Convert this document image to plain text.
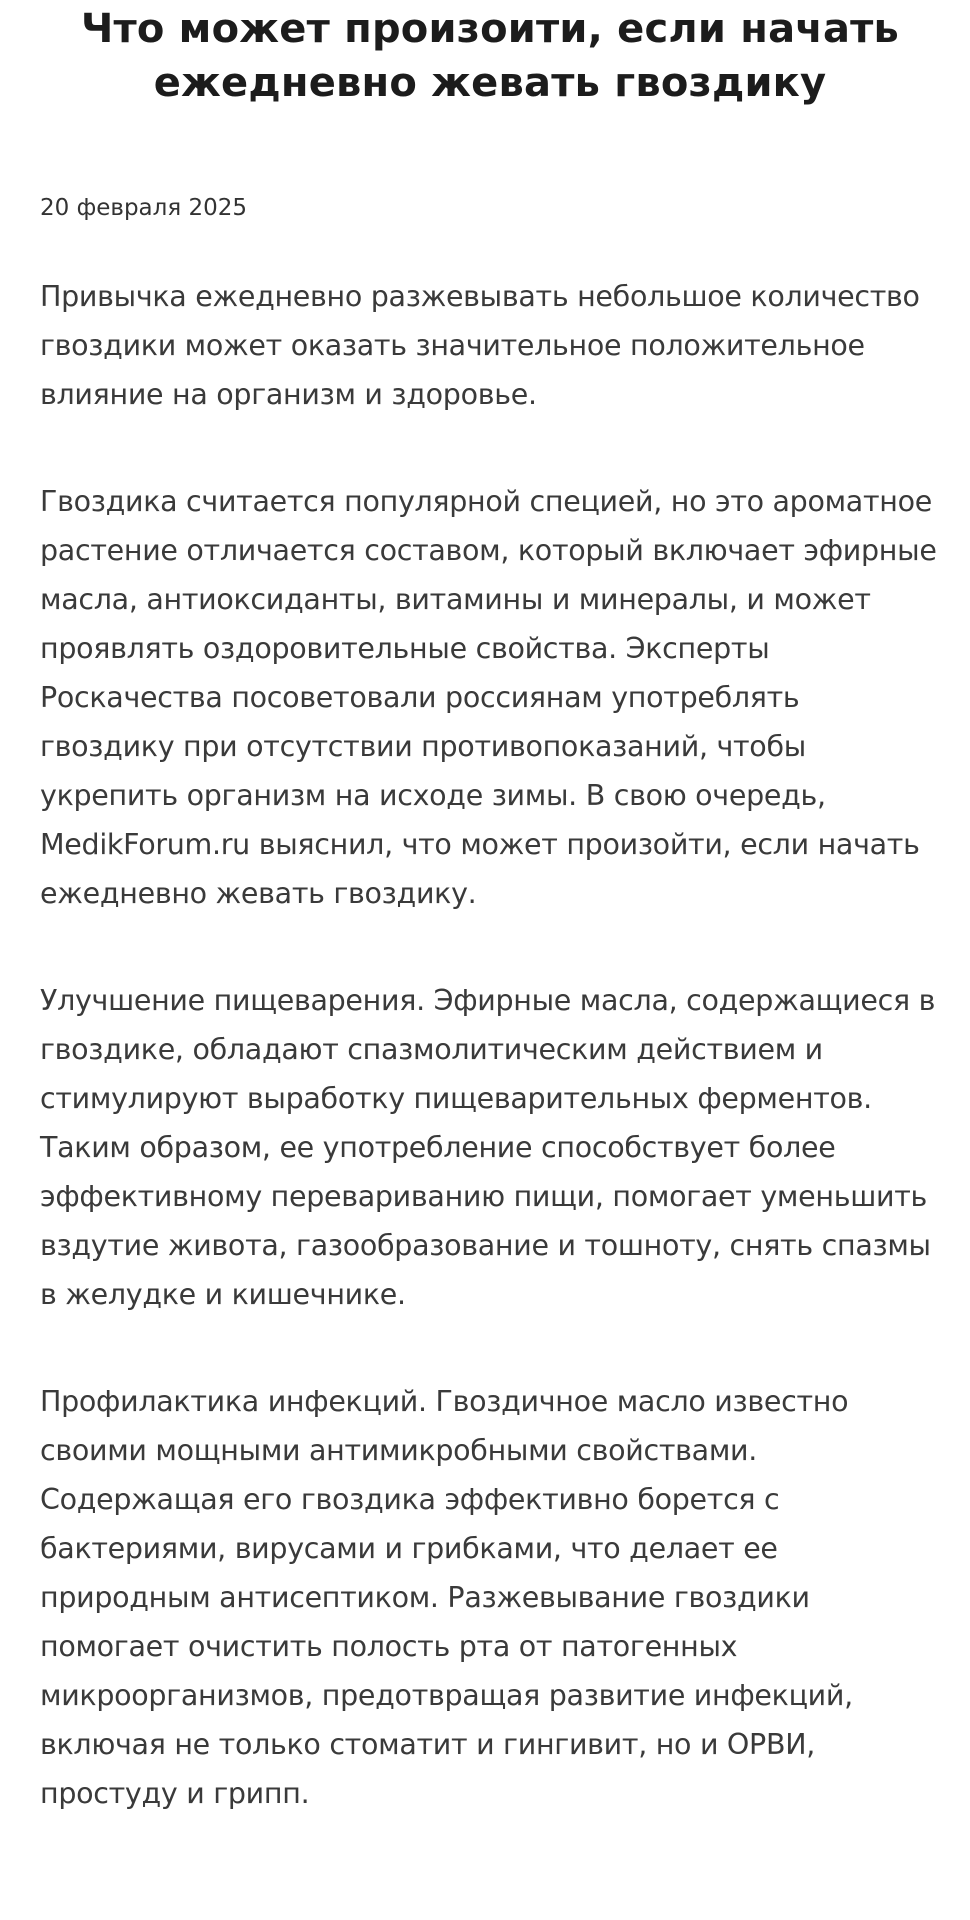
Что может произоити, если начать ежедневно жевать гвоздику
20 февраля 2025

Привычка ежедневно разжевывать небольшое количество гвоздики может оказать значительное положительное влияние на организм и здоровье.

Гвоздика считается популярной специей, но это ароматное растение отличается составом, который включает эфирные масла, антиоксиданты, витамины и минералы, и может проявлять оздоровительные свойства. Эксперты Роскачества посоветовали россиянам употреблять гвоздику при отсутствии противопоказаний, чтобы укрепить организм на исходе зимы. В свою очередь, MedikForum.ru выяснил, что может произойти, если начать ежедневно жевать гвоздику.

Улучшение пищеварения. Эфирные масла, содержащиеся в гвоздике, обладают спазмолитическим действием и стимулируют выработку пищеварительных ферментов. Таким образом, ее употребление способствует более эффективному перевариванию пищи, помогает уменьшить вздутие живота, газообразование и тошноту, снять спазмы в желудке и кишечнике.

Профилактика инфекций. Гвоздичное масло известно своими мощными антимикробными свойствами. Содержащая его гвоздика эффективно борется с бактериями, вирусами и грибками, что делает ее природным антисептиком. Разжевывание гвоздики помогает очистить полость рта от патогенных микроорганизмов, предотвращая развитие инфекций, включая не только стоматит и гингивит, но и ОРВИ, простуду и грипп.
